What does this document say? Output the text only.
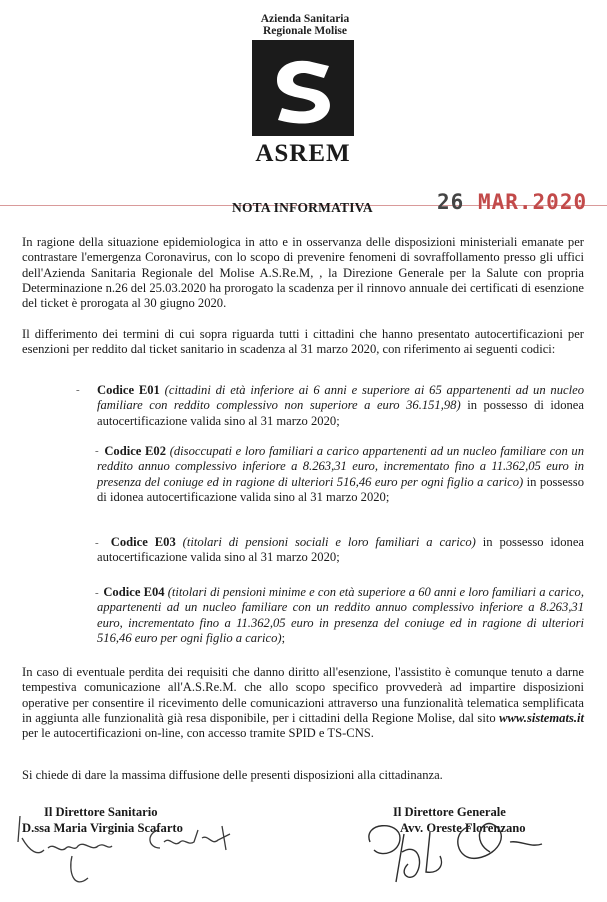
Azienda Sanitaria
Regionale Molise
ASREM
NOTA INFORMATIVA	26 MAR.2020

In ragione della situazione epidemiologica in atto e in osservanza delle disposizioni ministeriali emanate per contrastare l'emergenza Coronavirus, con lo scopo di prevenire fenomeni di sovraffollamento presso gli uffici dell'Azienda Sanitaria Regionale del Molise A.S.Re.M, , la Direzione Generale per la Salute con propria Determinazione n.26 del 25.03.2020 ha prorogato la scadenza per il rinnovo annuale dei certificati di esenzione del ticket è prorogata al 30 giugno 2020.

Il differimento dei termini di cui sopra riguarda tutti i cittadini che hanno presentato autocertificazioni per esenzioni per reddito dal ticket sanitario in scadenza al 31 marzo 2020, con riferimento ai seguenti codici:

- Codice E01 (cittadini di età inferiore ai 6 anni e superiore ai 65 appartenenti ad un nucleo familiare con reddito complessivo non superiore a euro 36.151,98) in possesso di idonea autocertificazione valida sino al 31 marzo 2020;

- Codice E02 (disoccupati e loro familiari a carico appartenenti ad un nucleo familiare con un reddito annuo complessivo inferiore a 8.263,31 euro, incrementato fino a 11.362,05 euro in presenza del coniuge ed in ragione di ulteriori 516,46 euro per ogni figlio a carico) in possesso di idonea autocertificazione valida sino al 31 marzo 2020;

- Codice E03 (titolari di pensioni sociali e loro familiari a carico) in possesso idonea autocertificazione valida sino al 31 marzo 2020;

- Codice E04 (titolari di pensioni minime e con età superiore a 60 anni e loro familiari a carico, appartenenti ad un nucleo familiare con un reddito annuo complessivo inferiore a 8.263,31 euro, incrementato fino a 11.362,05 euro in presenza del coniuge ed in ragione di ulteriori 516,46 euro per ogni figlio a carico);

In caso di eventuale perdita dei requisiti che danno diritto all'esenzione, l'assistito è comunque tenuto a darne tempestiva comunicazione all'A.S.Re.M. che allo scopo specifico provvederà ad impartire disposizioni operative per consentire il ricevimento delle comunicazioni attraverso una funzionalità telematica semplificata in aggiunta alle funzionalità già resa disponibile, per i cittadini della Regione Molise, dal sito www.sistemats.it per le autocertificazioni on-line, con accesso tramite SPID e TS-CNS.

Si chiede di dare la massima diffusione delle presenti disposizioni alla cittadinanza.

Il Direttore Sanitario
D.ssa Maria Virginia Scafarto
Il Direttore Generale
Avv. Oreste Florenzano
